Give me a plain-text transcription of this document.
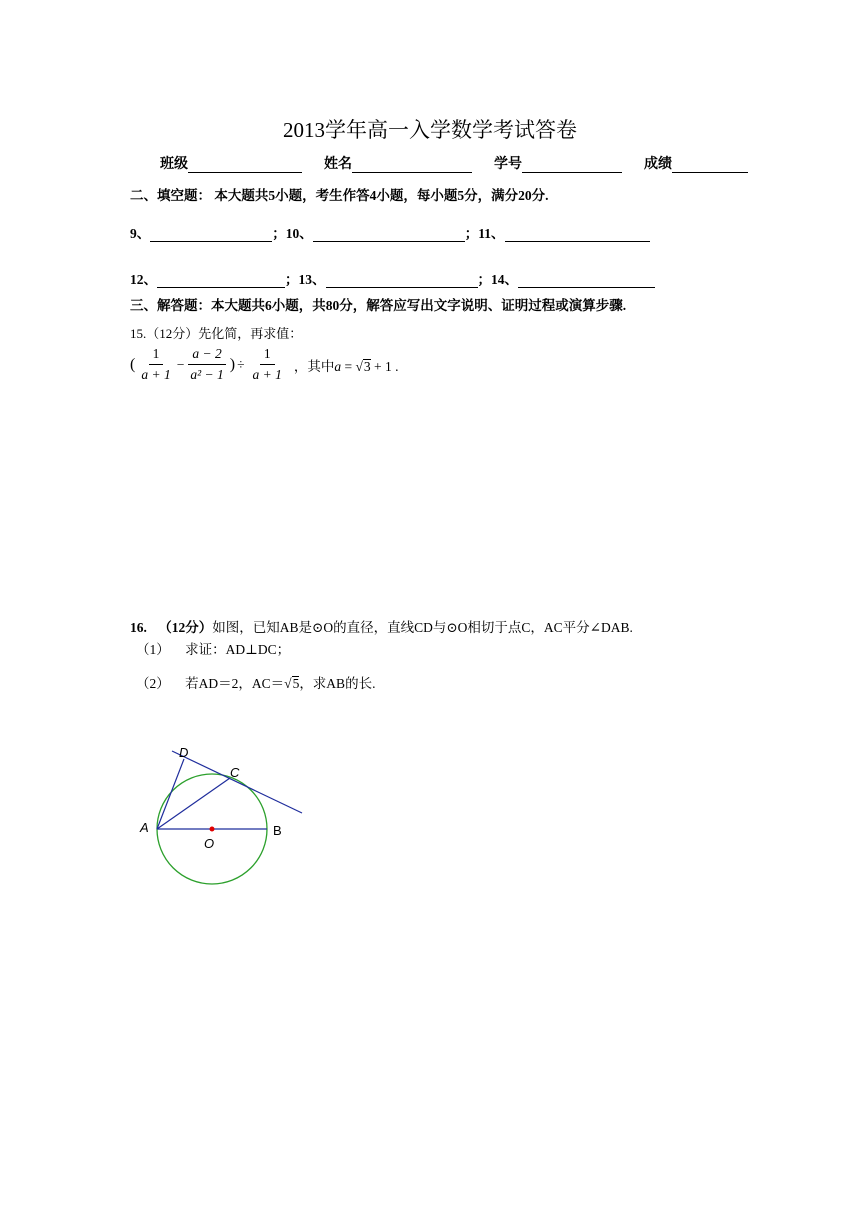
2013学年高一入学数学考试答卷
班级	姓名	学号	成绩
二、填空题： 本大题共5小题，考生作答4小题，每小题5分，满分20分.
9、	；10、	；11、
12、	；13、	；14、
三、解答题：本大题共6小题，共80分，解答应写出文字说明、证明过程或演算步骤.
15.（12分）先化简，再求值：
( $\frac{1}{a + 1} - \frac{a - 2}{\text{a² − 1}}$ ) ÷ $\frac{1}{a + 1}$ ，其中a = √3 + 1 .
16. （12分）如图，已知AB是⊙O的直径，直线CD与⊙O相切于点C，AC平分∠DAB.
（1） 求证：AD⊥DC；
（2） 若AD＝2，AC＝√5，求AB的长.
D
C
A	B
O
